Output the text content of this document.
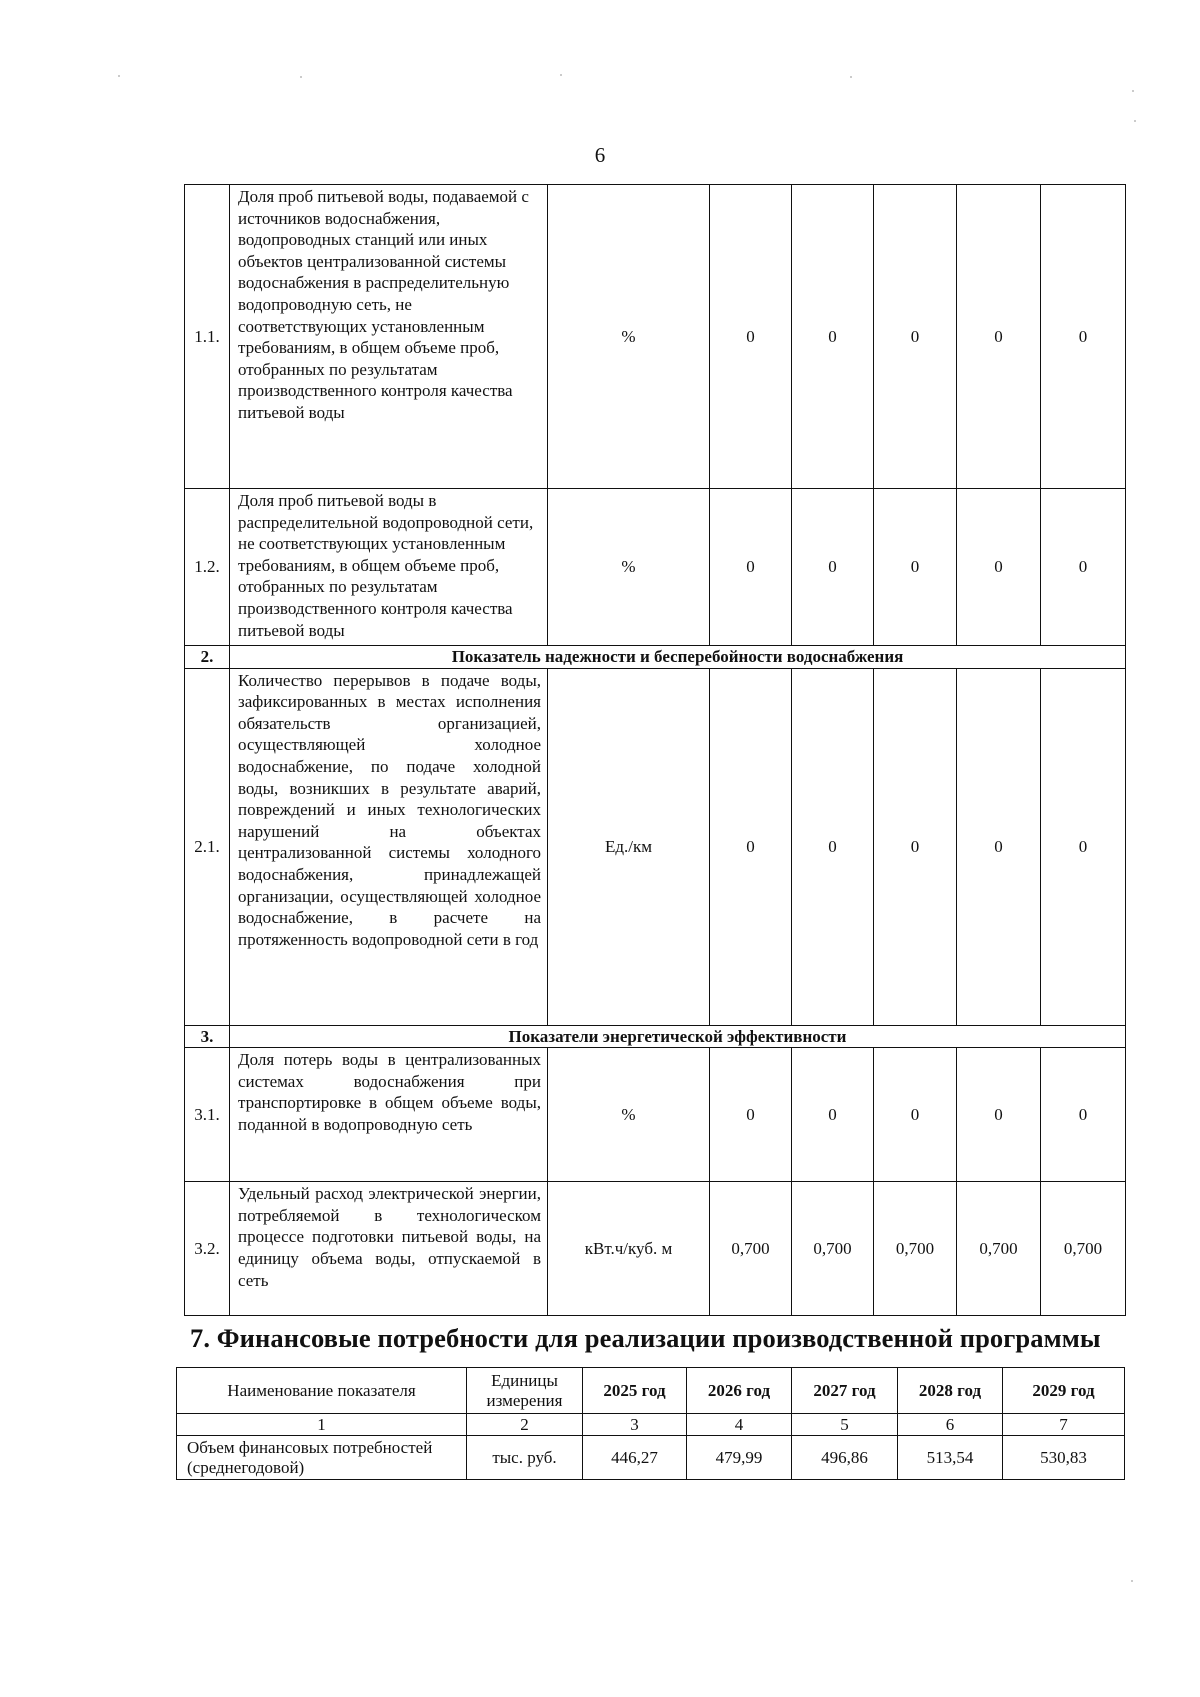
6
1.1.	Доля проб питьевой воды, подаваемой с источников водоснабжения, водопроводных станций или иных объектов централизованной системы водоснабжения в распределительную водопроводную сеть, не соответствующих установленным требованиям, в общем объеме проб, отобранных по результатам производственного контроля качества питьевой воды	%	0	0	0	0	0
1.2.	Доля проб питьевой воды в распределительной водопроводной сети, не соответствующих установленным требованиям, в общем объеме проб, отобранных по результатам производственного контроля качества питьевой воды	%	0	0	0	0	0
2.	Показатель надежности и бесперебойности водоснабжения						
2.1.	Количество перерывов в подаче воды, зафиксированных в местах исполнения обязательств организацией, осуществляющей холодное водоснабжение, по подаче холодной воды, возникших в результате аварий, повреждений и иных технологических нарушений на объектах централизованной системы холодного водоснабжения, принадлежащей организации, осуществляющей холодное водоснабжение, в расчете на протяженность водопроводной сети в год	Ед./км	0	0	0	0	0
3.	Показатели энергетической эффективности						
3.1.	Доля потерь воды в централизованных системах водоснабжения при транспортировке в общем объеме воды, поданной в водопроводную сеть	%	0	0	0	0	0
3.2.	Удельный расход электрической энергии, потребляемой в технологическом процессе подготовки питьевой воды, на единицу объема воды, отпускаемой в сеть	кВт.ч/куб. м	0,700	0,700	0,700	0,700	0,700
7. Финансовые потребности для реализации производственной программы
Наименование показателя	Единицы измерения	2025 год	2026 год	2027 год	2028 год	2029 год
1	2	3	4	5	6	7
Объем финансовых потребностей (среднегодовой)	тыс. руб.	446,27	479,99	496,86	513,54	530,83
